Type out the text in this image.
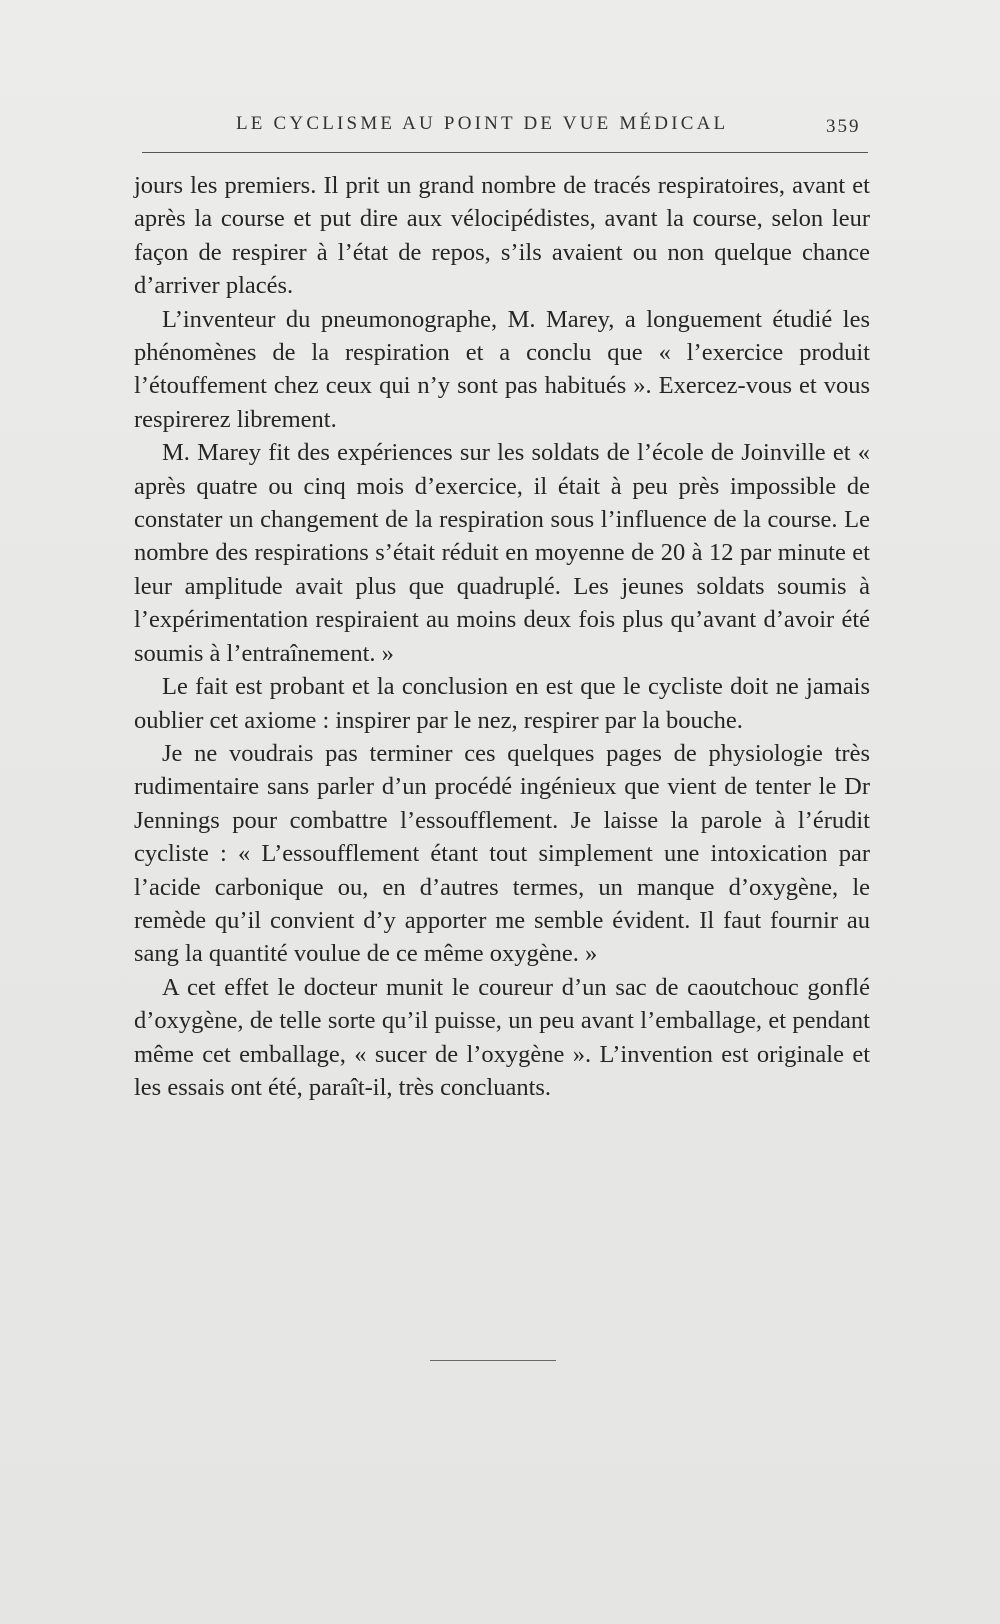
LE CYCLISME AU POINT DE VUE MÉDICAL	359

jours les premiers. Il prit un grand nombre de tracés respiratoires, avant et après la course et put dire aux vélocipédistes, avant la course, selon leur façon de respirer à l’état de repos, s’ils avaient ou non quelque chance d’arriver placés.

L’inventeur du pneumonographe, M. Marey, a longuement étudié les phénomènes de la respiration et a conclu que « l’exercice produit l’étouffement chez ceux qui n’y sont pas habitués ». Exercez-vous et vous respirerez librement.

M. Marey fit des expériences sur les soldats de l’école de Joinville et « après quatre ou cinq mois d’exercice, il était à peu près impossible de constater un changement de la respiration sous l’influence de la course. Le nombre des respirations s’était réduit en moyenne de 20 à 12 par minute et leur amplitude avait plus que quadruplé. Les jeunes soldats soumis à l’expérimentation respiraient au moins deux fois plus qu’avant d’avoir été soumis à l’entraînement. »

Le fait est probant et la conclusion en est que le cycliste doit ne jamais oublier cet axiome : inspirer par le nez, respirer par la bouche.

Je ne voudrais pas terminer ces quelques pages de physiologie très rudimentaire sans parler d’un procédé ingénieux que vient de tenter le Dr Jennings pour combattre l’essoufflement. Je laisse la parole à l’érudit cycliste : « L’essoufflement étant tout simplement une intoxication par l’acide carbonique ou, en d’autres termes, un manque d’oxygène, le remède qu’il convient d’y apporter me semble évident. Il faut fournir au sang la quantité voulue de ce même oxygène. »

A cet effet le docteur munit le coureur d’un sac de caoutchouc gonflé d’oxygène, de telle sorte qu’il puisse, un peu avant l’emballage, et pendant même cet emballage, « sucer de l’oxygène ». L’invention est originale et les essais ont été, paraît-il, très concluants.
